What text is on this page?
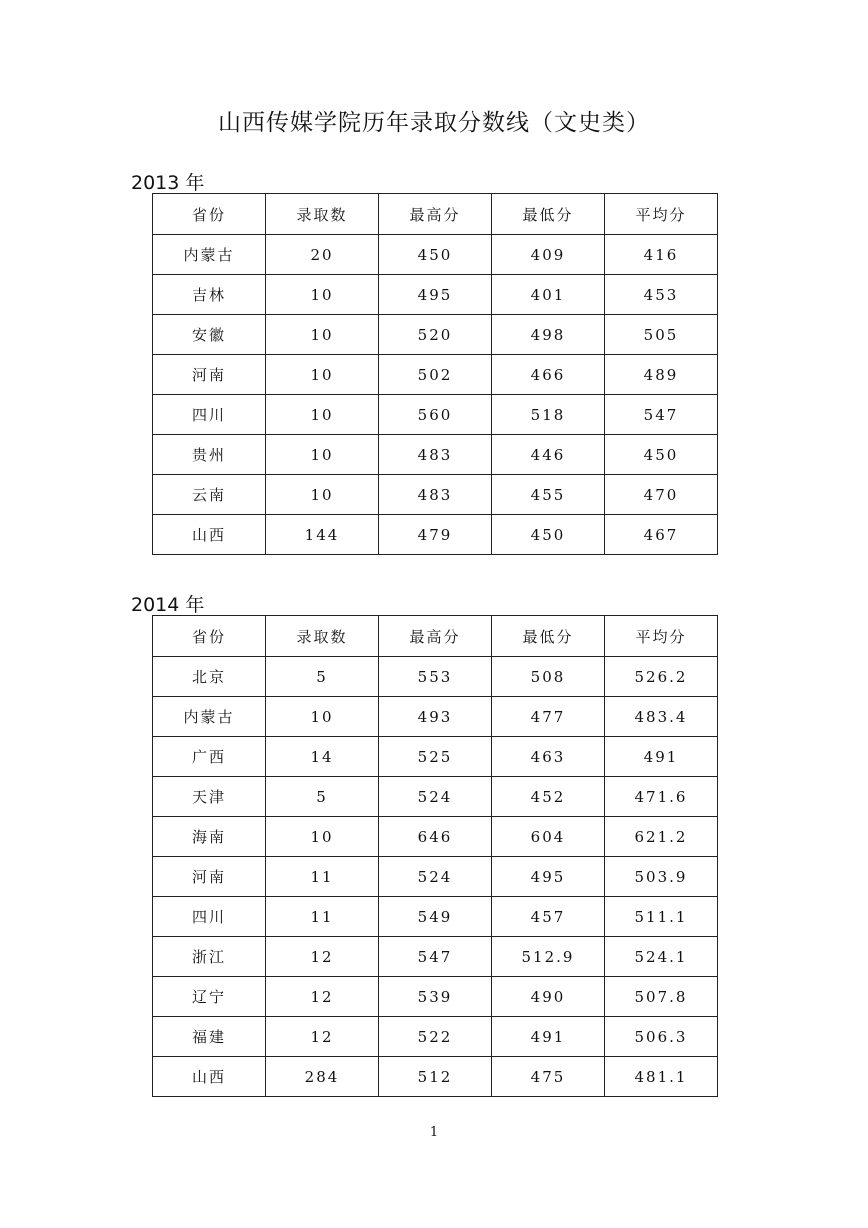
山西传媒学院历年录取分数线（文史类）
2013 年
省份	录取数	最高分	最低分	平均分
内蒙古	20	450	409	416
吉林	10	495	401	453
安徽	10	520	498	505
河南	10	502	466	489
四川	10	560	518	547
贵州	10	483	446	450
云南	10	483	455	470
山西	144	479	450	467
2014 年
省份	录取数	最高分	最低分	平均分
北京	5	553	508	526.2
内蒙古	10	493	477	483.4
广西	14	525	463	491
天津	5	524	452	471.6
海南	10	646	604	621.2
河南	11	524	495	503.9
四川	11	549	457	511.1
浙江	12	547	512.9	524.1
辽宁	12	539	490	507.8
福建	12	522	491	506.3
山西	284	512	475	481.1
1
